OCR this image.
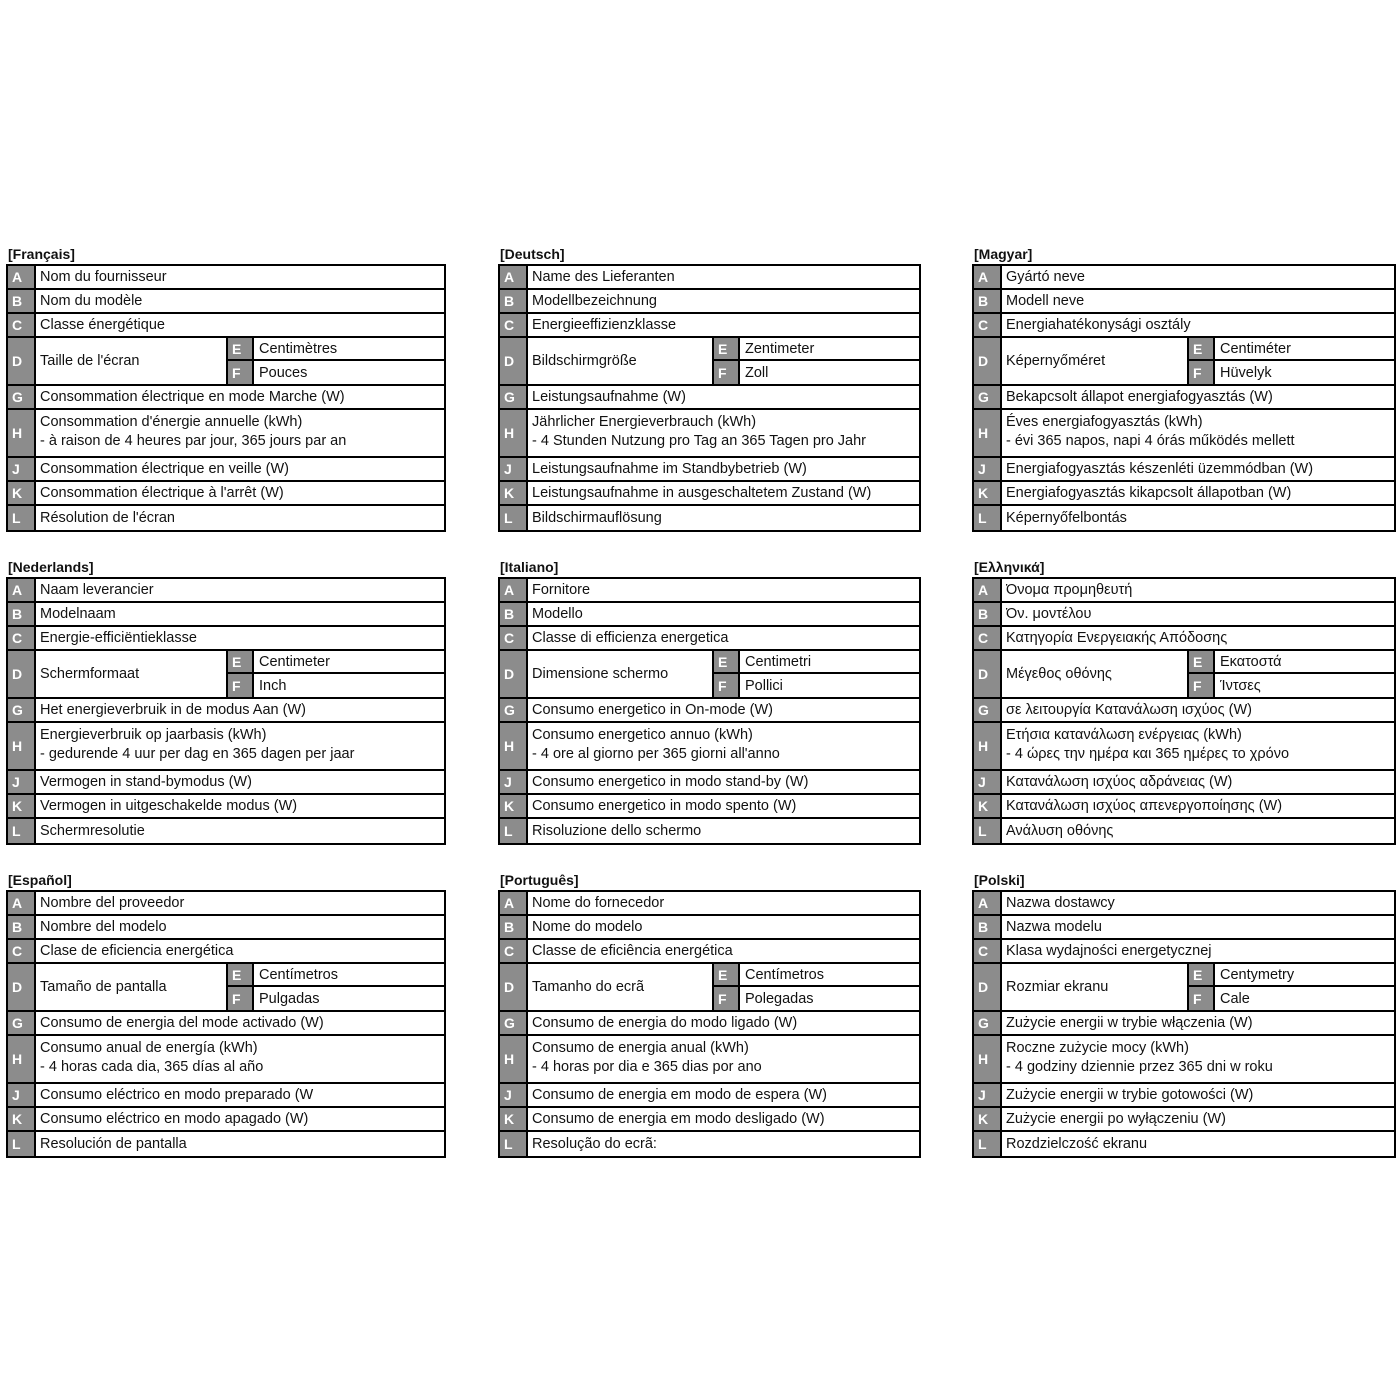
[Français]
A	Nom du fournisseur
B	Nom du modèle
C	Classe énergétique
D	Taille de l'écran
E	Centimètres
F	Pouces
G	Consommation électrique en mode Marche (W)
H
Consommation d'énergie annuelle (kWh)
- à raison de 4 heures par jour, 365 jours par an
J	Consommation électrique en veille (W)
K	Consommation électrique à l'arrêt (W)
L	Résolution de l'écran
[Deutsch]
A	Name des Lieferanten
B	Modellbezeichnung
C	Energieeffizienzklasse
D	Bildschirmgröße
E	Zentimeter
F	Zoll
G	Leistungsaufnahme (W)
H
Jährlicher Energieverbrauch (kWh)
- 4 Stunden Nutzung pro Tag an 365 Tagen pro Jahr
J	Leistungsaufnahme im Standbybetrieb (W)
K	Leistungsaufnahme in ausgeschaltetem Zustand (W)
L	Bildschirmauflösung
[Magyar]
A	Gyártó neve
B	Modell neve
C	Energiahatékonysági osztály
D	Képernyőméret
E	Centiméter
F	Hüvelyk
G	Bekapcsolt állapot energiafogyasztás (W)
H
Éves energiafogyasztás (kWh)
- évi 365 napos, napi 4 órás működés mellett
J	Energiafogyasztás készenléti üzemmódban (W)
K	Energiafogyasztás kikapcsolt állapotban (W)
L	Képernyőfelbontás
[Nederlands]
A	Naam leverancier
B	Modelnaam
C	Energie-efficiëntieklasse
D	Schermformaat
E	Centimeter
F	Inch
G	Het energieverbruik in de modus Aan (W)
H
Energieverbruik op jaarbasis (kWh)
- gedurende 4 uur per dag en 365 dagen per jaar
J	Vermogen in stand-bymodus (W)
K	Vermogen in uitgeschakelde modus (W)
L	Schermresolutie
[Italiano]
A	Fornitore
B	Modello
C	Classe di efficienza energetica
D	Dimensione schermo
E	Centimetri
F	Pollici
G	Consumo energetico in On-mode (W)
H
Consumo energetico annuo (kWh)
- 4 ore al giorno per 365 giorni all'anno
J	Consumo energetico in modo stand-by (W)
K	Consumo energetico in modo spento (W)
L	Risoluzione dello schermo
[Ελληνικά]
A	Όνομα προμηθευτή
B	Όν. μοντέλου
C	Κατηγορία Ενεργειακής Απόδοσης
D	Μέγεθος οθόνης
E	Εκατοστά
F	Ίντσες
G	σε λειτουργία Κατανάλωση ισχύος (W)
H
Ετήσια κατανάλωση ενέργειας (kWh)
- 4 ώρες την ημέρα και 365 ημέρες το χρόνο
J	Κατανάλωση ισχύος αδράνειας (W)
K	Κατανάλωση ισχύος απενεργοποίησης (W)
L	Ανάλυση οθόνης
[Español]
A	Nombre del proveedor
B	Nombre del modelo
C	Clase de eficiencia energética
D	Tamaño de pantalla
E	Centímetros
F	Pulgadas
G	Consumo de energia del mode activado (W)
H
Consumo anual de energía (kWh)
- 4 horas cada dia, 365 días al año
J	Consumo eléctrico en modo preparado (W
K	Consumo eléctrico en modo apagado (W)
L	Resolución de pantalla
[Português]
A	Nome do fornecedor
B	Nome do modelo
C	Classe de eficiência energética
D	Tamanho do ecrã
E	Centímetros
F	Polegadas
G	Consumo de energia do modo ligado (W)
H
Consumo de energia anual (kWh)
- 4 horas por dia e 365 dias por ano
J	Consumo de energia em modo de espera (W)
K	Consumo de energia em modo desligado (W)
L	Resolução do ecrã:
[Polski]
A	Nazwa dostawcy
B	Nazwa modelu
C	Klasa wydajności energetycznej
D	Rozmiar ekranu
E	Centymetry
F	Cale
G	Zużycie energii w trybie włączenia (W)
H
Roczne zużycie mocy (kWh)
- 4 godziny dziennie przez 365 dni w roku
J	Zużycie energii w trybie gotowości (W)
K	Zużycie energii po wyłączeniu (W)
L	Rozdzielczość ekranu
